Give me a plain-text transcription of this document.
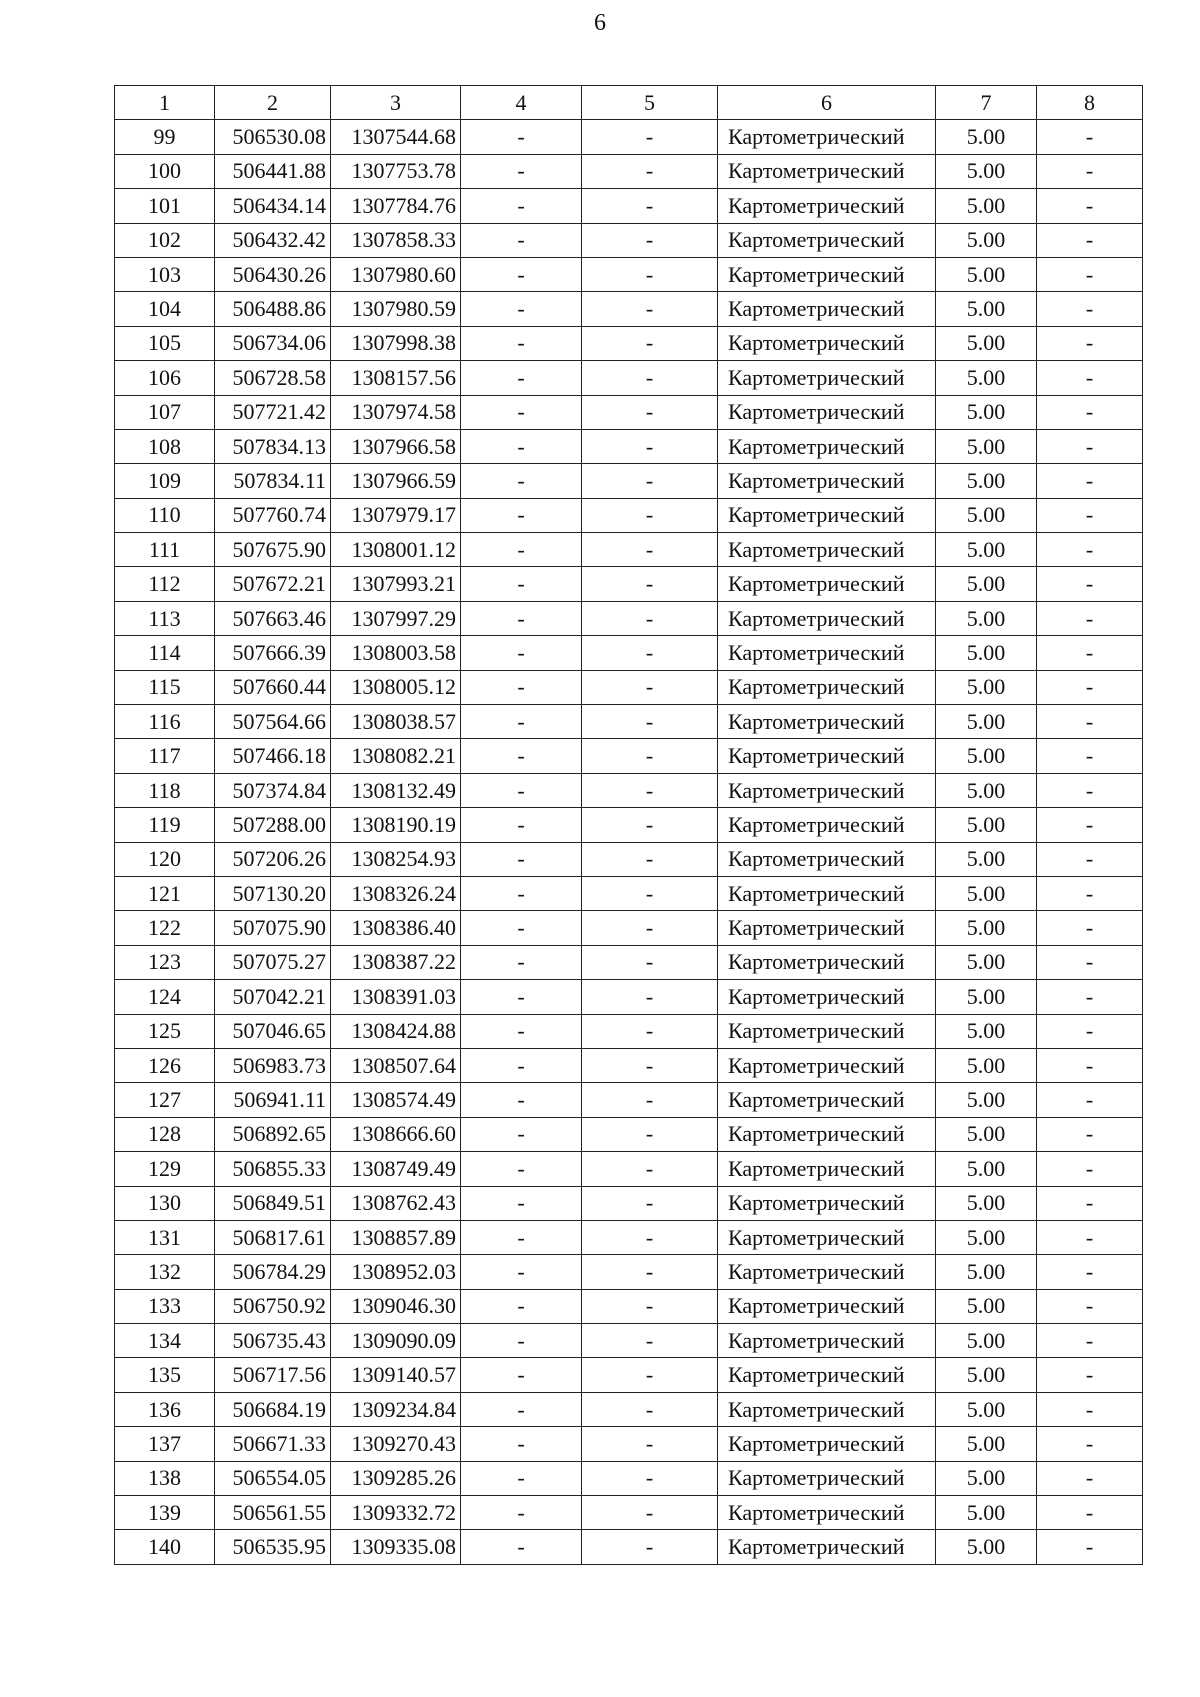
6
1	2	3	4	5	6	7	8
99	506530.08	1307544.68	-	-	Картометрический	5.00	-
100	506441.88	1307753.78	-	-	Картометрический	5.00	-
101	506434.14	1307784.76	-	-	Картометрический	5.00	-
102	506432.42	1307858.33	-	-	Картометрический	5.00	-
103	506430.26	1307980.60	-	-	Картометрический	5.00	-
104	506488.86	1307980.59	-	-	Картометрический	5.00	-
105	506734.06	1307998.38	-	-	Картометрический	5.00	-
106	506728.58	1308157.56	-	-	Картометрический	5.00	-
107	507721.42	1307974.58	-	-	Картометрический	5.00	-
108	507834.13	1307966.58	-	-	Картометрический	5.00	-
109	507834.11	1307966.59	-	-	Картометрический	5.00	-
110	507760.74	1307979.17	-	-	Картометрический	5.00	-
111	507675.90	1308001.12	-	-	Картометрический	5.00	-
112	507672.21	1307993.21	-	-	Картометрический	5.00	-
113	507663.46	1307997.29	-	-	Картометрический	5.00	-
114	507666.39	1308003.58	-	-	Картометрический	5.00	-
115	507660.44	1308005.12	-	-	Картометрический	5.00	-
116	507564.66	1308038.57	-	-	Картометрический	5.00	-
117	507466.18	1308082.21	-	-	Картометрический	5.00	-
118	507374.84	1308132.49	-	-	Картометрический	5.00	-
119	507288.00	1308190.19	-	-	Картометрический	5.00	-
120	507206.26	1308254.93	-	-	Картометрический	5.00	-
121	507130.20	1308326.24	-	-	Картометрический	5.00	-
122	507075.90	1308386.40	-	-	Картометрический	5.00	-
123	507075.27	1308387.22	-	-	Картометрический	5.00	-
124	507042.21	1308391.03	-	-	Картометрический	5.00	-
125	507046.65	1308424.88	-	-	Картометрический	5.00	-
126	506983.73	1308507.64	-	-	Картометрический	5.00	-
127	506941.11	1308574.49	-	-	Картометрический	5.00	-
128	506892.65	1308666.60	-	-	Картометрический	5.00	-
129	506855.33	1308749.49	-	-	Картометрический	5.00	-
130	506849.51	1308762.43	-	-	Картометрический	5.00	-
131	506817.61	1308857.89	-	-	Картометрический	5.00	-
132	506784.29	1308952.03	-	-	Картометрический	5.00	-
133	506750.92	1309046.30	-	-	Картометрический	5.00	-
134	506735.43	1309090.09	-	-	Картометрический	5.00	-
135	506717.56	1309140.57	-	-	Картометрический	5.00	-
136	506684.19	1309234.84	-	-	Картометрический	5.00	-
137	506671.33	1309270.43	-	-	Картометрический	5.00	-
138	506554.05	1309285.26	-	-	Картометрический	5.00	-
139	506561.55	1309332.72	-	-	Картометрический	5.00	-
140	506535.95	1309335.08	-	-	Картометрический	5.00	-
